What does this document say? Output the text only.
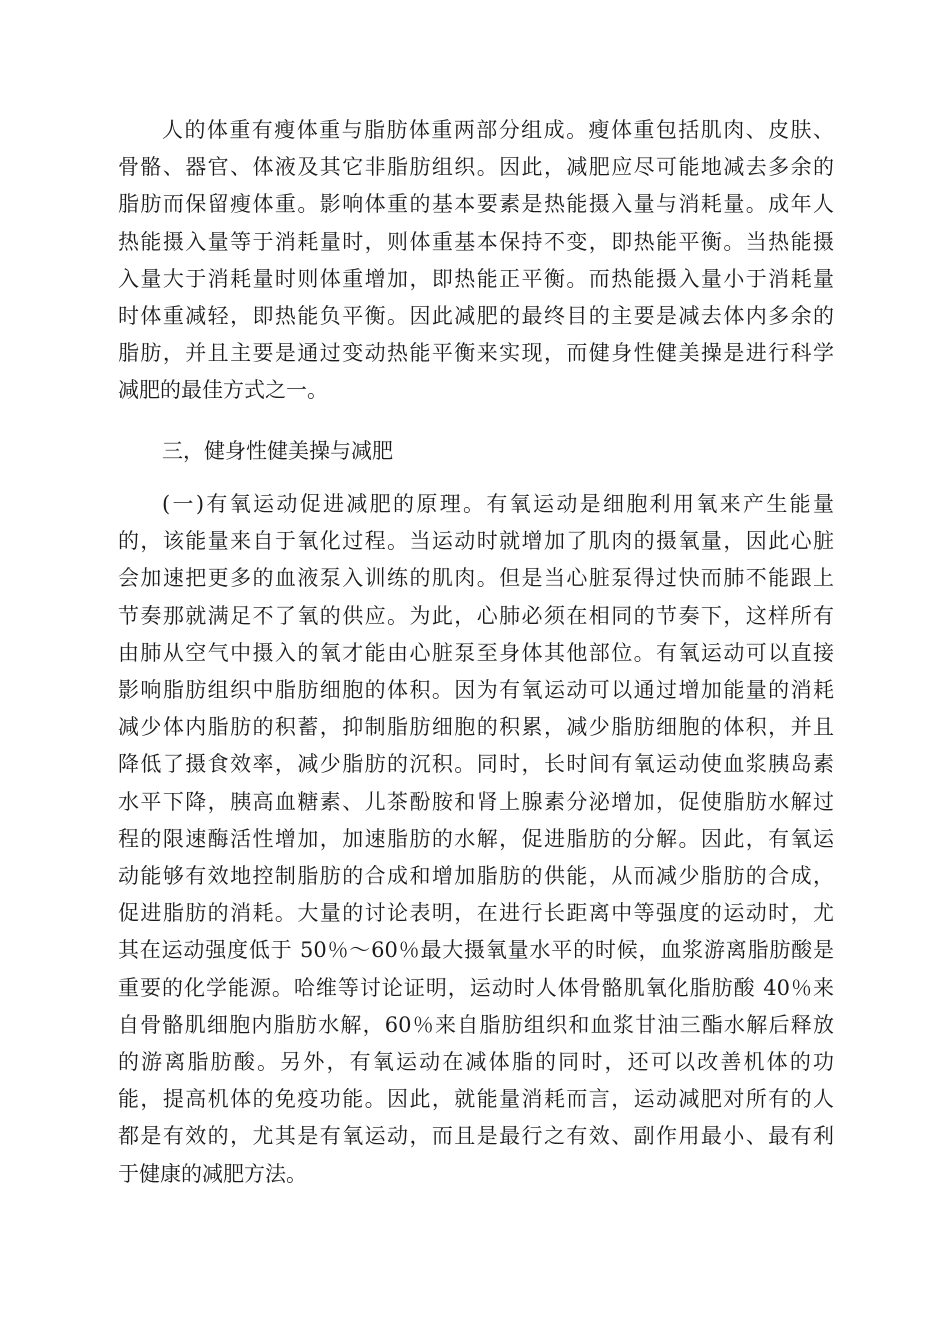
人的体重有瘦体重与脂肪体重两部分组成。瘦体重包括肌肉、皮肤、
骨骼、器官、体液及其它非脂肪组织。因此，减肥应尽可能地减去多余的
脂肪而保留瘦体重。影响体重的基本要素是热能摄入量与消耗量。成年人
热能摄入量等于消耗量时，则体重基本保持不变，即热能平衡。当热能摄
入量大于消耗量时则体重增加，即热能正平衡。而热能摄入量小于消耗量
时体重减轻，即热能负平衡。因此减肥的最终目的主要是减去体内多余的
脂肪，并且主要是通过变动热能平衡来实现，而健身性健美操是进行科学
减肥的最佳方式之一。
三，健身性健美操与减肥
(一)有氧运动促进减肥的原理。有氧运动是细胞利用氧来产生能量
的，该能量来自于氧化过程。当运动时就增加了肌肉的摄氧量，因此心脏
会加速把更多的血液泵入训练的肌肉。但是当心脏泵得过快而肺不能跟上
节奏那就满足不了氧的供应。为此，心肺必须在相同的节奏下，这样所有
由肺从空气中摄入的氧才能由心脏泵至身体其他部位。有氧运动可以直接
影响脂肪组织中脂肪细胞的体积。因为有氧运动可以通过增加能量的消耗
减少体内脂肪的积蓄，抑制脂肪细胞的积累，减少脂肪细胞的体积，并且
降低了摄食效率，减少脂肪的沉积。同时，长时间有氧运动使血浆胰岛素
水平下降，胰高血糖素、儿茶酚胺和肾上腺素分泌增加，促使脂肪水解过
程的限速酶活性增加，加速脂肪的水解，促进脂肪的分解。因此，有氧运
动能够有效地控制脂肪的合成和增加脂肪的供能，从而减少脂肪的合成，
促进脂肪的消耗。大量的讨论表明，在进行长距离中等强度的运动时，尤
其在运动强度低于 50％～60％最大摄氧量水平的时候，血浆游离脂肪酸是
重要的化学能源。哈维等讨论证明，运动时人体骨骼肌氧化脂肪酸 40％来
自骨骼肌细胞内脂肪水解，60％来自脂肪组织和血浆甘油三酯水解后释放
的游离脂肪酸。另外，有氧运动在减体脂的同时，还可以改善机体的功
能，提高机体的免疫功能。因此，就能量消耗而言，运动减肥对所有的人
都是有效的，尤其是有氧运动，而且是最行之有效、副作用最小、最有利
于健康的减肥方法。
